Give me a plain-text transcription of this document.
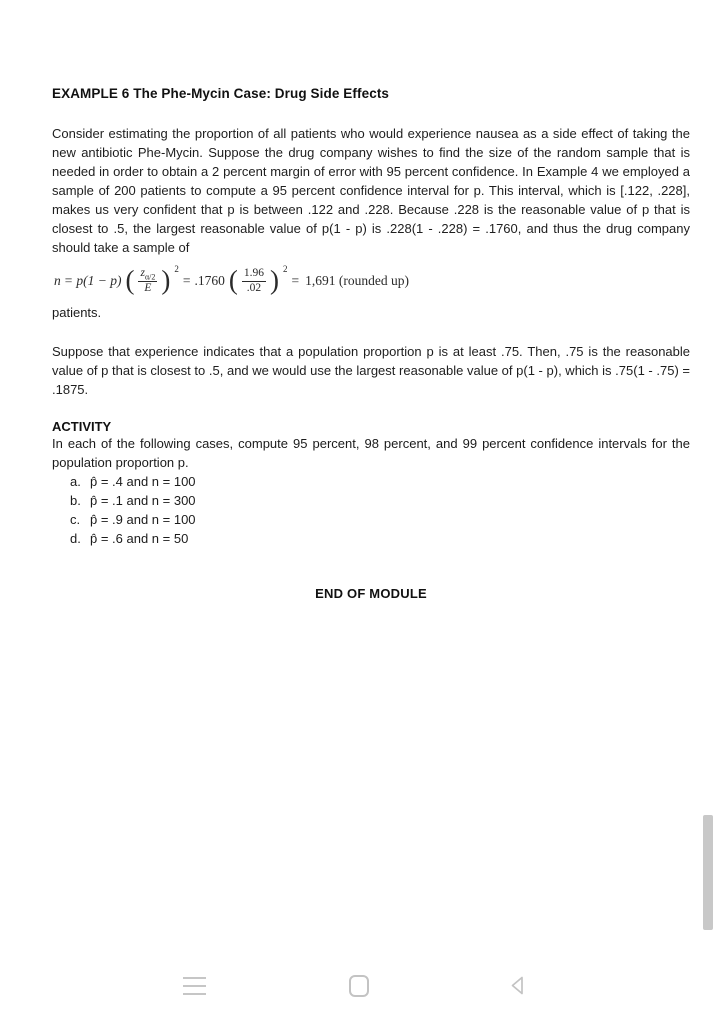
EXAMPLE 6 The Phe-Mycin Case: Drug Side Effects
Consider estimating the proportion of all patients who would experience nausea as a side effect of taking the new antibiotic Phe-Mycin. Suppose the drug company wishes to find the size of the random sample that is needed in order to obtain a 2 percent margin of error with 95 percent confidence. In Example 4 we employed a sample of 200 patients to compute a 95 percent confidence interval for p. This interval, which is [.122, .228], makes us very confident that p is between .122 and .228. Because .228 is the reasonable value of p that is closest to .5, the largest reasonable value of p(1 - p) is .228(1 - .228) = .1760, and thus the drug company should take a sample of
n = p(1 − p) ( $\frac{z_{\alpha/2}}{E}$ ) $^2$
= .1760 ( $\frac{1.96}{.02}$ ) $^2$
= 1,691 (rounded up)
patients.
Suppose that experience indicates that a population proportion p is at least .75. Then, .75 is the reasonable value of p that is closest to .5, and we would use the largest reasonable value of p(1 - p), which is .75(1 - .75) = .1875.
ACTIVITY
In each of the following cases, compute 95 percent, 98 percent, and 99 percent confidence intervals for the population proportion p.
a. p̂ = .4 and n = 100
b. p̂ = .1 and n = 300
c. p̂ = .9 and n = 100
d. p̂ = .6 and n = 50
END OF MODULE
